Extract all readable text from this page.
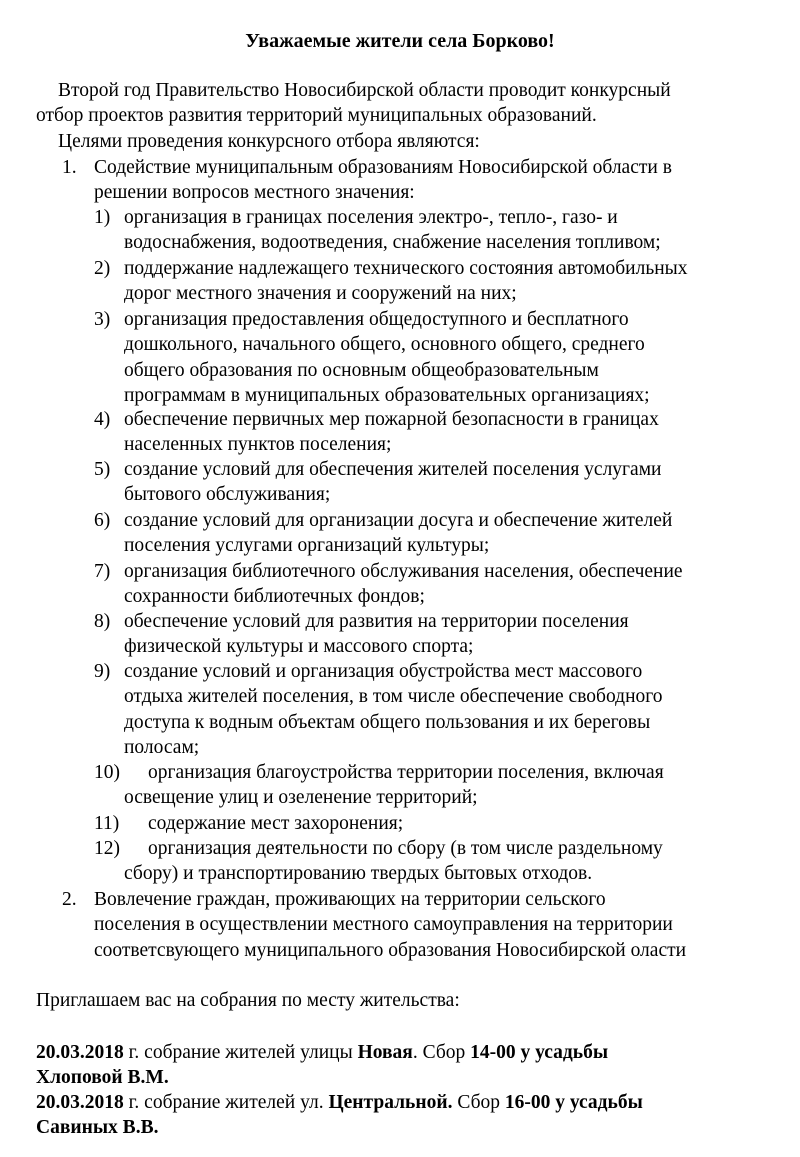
Уважаемые жители села Борково!

Второй год Правительство Новосибирской области проводит конкурсный

отбор проектов развития территорий муниципальных образований.

Целями проведения конкурсного отбора являются:

1. Содействие муниципальным образованиям Новосибирской области в
решении вопросов местного значения:
1) организация в границах поселения электро-, тепло-, газо- и
водоснабжения, водоотведения, снабжение населения топливом;
2) поддержание надлежащего технического состояния автомобильных
дорог местного значения и сооружений на них;
3) организация предоставления общедоступного и бесплатного
дошкольного, начального общего, основного общего, среднего
общего образования по основным общеобразовательным
программам в муниципальных образовательных организациях;
4) обеспечение первичных мер пожарной безопасности в границах
населенных пунктов поселения;
5) создание условий для обеспечения жителей поселения услугами
бытового обслуживания;
6) создание условий для организации досуга и обеспечение жителей
поселения услугами организаций культуры;
7) организация библиотечного обслуживания населения, обеспечение
сохранности библиотечных фондов;
8) обеспечение условий для развития на территории поселения
физической культуры и массового спорта;
9) создание условий и организация обустройства мест массового
отдыха жителей поселения, в том числе обеспечение свободного
доступа к водным объектам общего пользования и их береговы
полосам;
10) организация благоустройства территории поселения, включая
освещение улиц и озеленение территорий;
11) содержание мест захоронения;
12) организация деятельности по сбору (в том числе раздельному
сбору) и транспортированию твердых бытовых отходов.
2. Вовлечение граждан, проживающих на территории сельского
поселения в осуществлении местного самоуправления на территории
соответсвующего муниципального образования Новосибирской оласти
Приглашаем вас на собрания по месту жительства:
20.03.2018 г. собрание жителей улицы Новая. Сбор 14-00 у усадьбы
Хлоповой В.М.
20.03.2018 г. собрание жителей ул. Центральной. Сбор 16-00 у усадьбы
Савиных В.В.
